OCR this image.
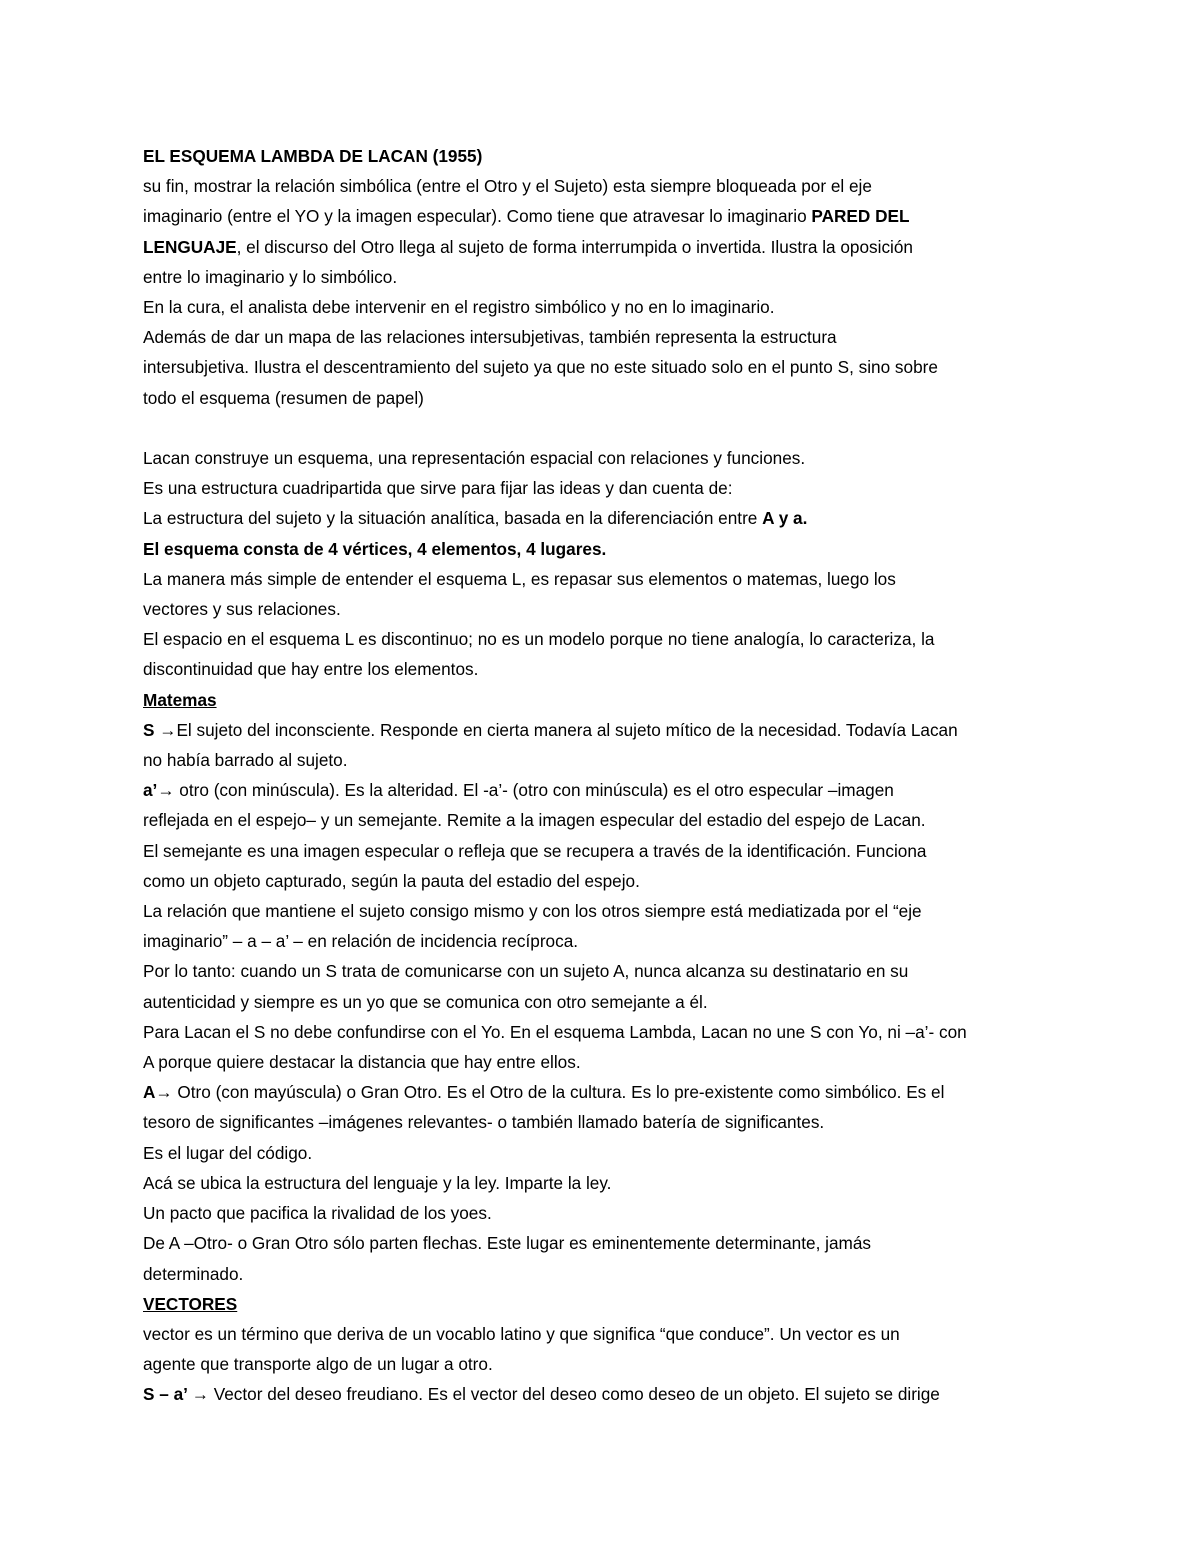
EL ESQUEMA LAMBDA DE LACAN (1955)
su fin, mostrar la relación simbólica (entre el Otro y el Sujeto) esta siempre bloqueada por el eje
imaginario (entre el YO y la imagen especular). Como tiene que atravesar lo imaginario PARED DEL
LENGUAJE, el discurso del Otro llega al sujeto de forma interrumpida o invertida. Ilustra la oposición
entre lo imaginario y lo simbólico.
En la cura, el analista debe intervenir en el registro simbólico y no en lo imaginario.
Además de dar un mapa de las relaciones intersubjetivas, también representa la estructura
intersubjetiva. Ilustra el descentramiento del sujeto ya que no este situado solo en el punto S, sino sobre
todo el esquema (resumen de papel)
Lacan construye un esquema, una representación espacial con relaciones y funciones.
Es una estructura cuadripartida que sirve para fijar las ideas y dan cuenta de:
La estructura del sujeto y la situación analítica, basada en la diferenciación entre A y a.
El esquema consta de 4 vértices, 4 elementos, 4 lugares.
La manera más simple de entender el esquema L, es repasar sus elementos o matemas, luego los
vectores y sus relaciones.
El espacio en el esquema L es discontinuo; no es un modelo porque no tiene analogía, lo caracteriza, la
discontinuidad que hay entre los elementos.
Matemas
S →El sujeto del inconsciente. Responde en cierta manera al sujeto mítico de la necesidad. Todavía Lacan
no había barrado al sujeto.
a’→ otro (con minúscula). Es la alteridad. El -a’- (otro con minúscula) es el otro especular –imagen
reflejada en el espejo– y un semejante. Remite a la imagen especular del estadio del espejo de Lacan.
El semejante es una imagen especular o refleja que se recupera a través de la identificación. Funciona
como un objeto capturado, según la pauta del estadio del espejo.
La relación que mantiene el sujeto consigo mismo y con los otros siempre está mediatizada por el “eje
imaginario” – a – a’ – en relación de incidencia recíproca.
Por lo tanto: cuando un S trata de comunicarse con un sujeto A, nunca alcanza su destinatario en su
autenticidad y siempre es un yo que se comunica con otro semejante a él.
Para Lacan el S no debe confundirse con el Yo. En el esquema Lambda, Lacan no une S con Yo, ni –a’- con
A porque quiere destacar la distancia que hay entre ellos.
A→ Otro (con mayúscula) o Gran Otro. Es el Otro de la cultura. Es lo pre-existente como simbólico. Es el
tesoro de significantes –imágenes relevantes- o también llamado batería de significantes.
Es el lugar del código.
Acá se ubica la estructura del lenguaje y la ley. Imparte la ley.
Un pacto que pacifica la rivalidad de los yoes.
De A –Otro- o Gran Otro sólo parten flechas. Este lugar es eminentemente determinante, jamás
determinado.
VECTORES
vector es un término que deriva de un vocablo latino y que significa “que conduce”. Un vector es un
agente que transporte algo de un lugar a otro.
S – a’ → Vector del deseo freudiano. Es el vector del deseo como deseo de un objeto. El sujeto se dirige
